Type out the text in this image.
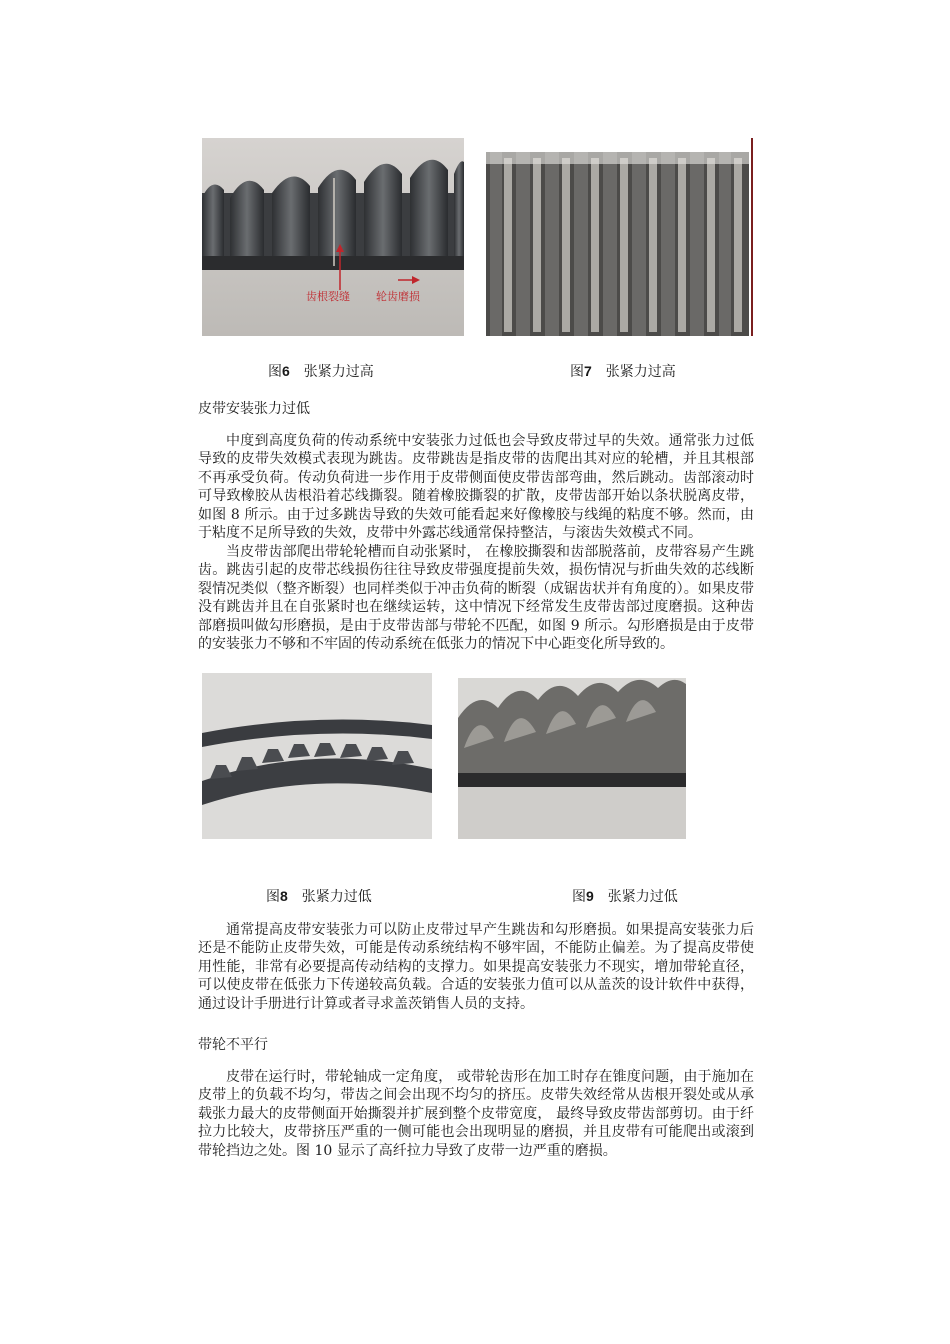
齿根裂缝 轮齿磨损
图6 张紧力过高	图7 张紧力过高
皮带安装张力过低

中度到高度负荷的传动系统中安装张力过低也会导致皮带过早的失效。通常张力过低导致的皮带失效模式表现为跳齿。皮带跳齿是指皮带的齿爬出其对应的轮槽，并且其根部不再承受负荷。传动负荷进一步作用于皮带侧面使皮带齿部弯曲，然后跳动。齿部滚动时可导致橡胶从齿根沿着芯线撕裂。随着橡胶撕裂的扩散，皮带齿部开始以条状脱离皮带，如图 8 所示。由于过多跳齿导致的失效可能看起来好像橡胶与线绳的粘度不够。然而，由于粘度不足所导致的失效，皮带中外露芯线通常保持整洁，与滚齿失效模式不同。

当皮带齿部爬出带轮轮槽而自动张紧时， 在橡胶撕裂和齿部脱落前，皮带容易产生跳齿。跳齿引起的皮带芯线损伤往往导致皮带强度提前失效，损伤情况与折曲失效的芯线断裂情况类似（整齐断裂）也同样类似于冲击负荷的断裂（成锯齿状并有角度的）。如果皮带没有跳齿并且在自张紧时也在继续运转，这中情况下经常发生皮带齿部过度磨损。这种齿部磨损叫做勾形磨损，是由于皮带齿部与带轮不匹配，如图 9 所示。勾形磨损是由于皮带的安装张力不够和不牢固的传动系统在低张力的情况下中心距变化所导致的。

图8 张紧力过低	图9 张紧力过低

通常提高皮带安装张力可以防止皮带过早产生跳齿和勾形磨损。如果提高安装张力后还是不能防止皮带失效，可能是传动系统结构不够牢固，不能防止偏差。为了提高皮带使用性能，非常有必要提高传动结构的支撑力。如果提高安装张力不现实，增加带轮直径，可以使皮带在低张力下传递较高负载。合适的安装张力值可以从盖茨的设计软件中获得，通过设计手册进行计算或者寻求盖茨销售人员的支持。

带轮不平行

皮带在运行时，带轮轴成一定角度， 或带轮齿形在加工时存在锥度问题，由于施加在皮带上的负载不均匀，带齿之间会出现不均匀的挤压。皮带失效经常从齿根开裂处或从承载张力最大的皮带侧面开始撕裂并扩展到整个皮带宽度， 最终导致皮带齿部剪切。由于纤拉力比较大，皮带挤压严重的一侧可能也会出现明显的磨损，并且皮带有可能爬出或滚到带轮挡边之处。图 10 显示了高纤拉力导致了皮带一边严重的磨损。
